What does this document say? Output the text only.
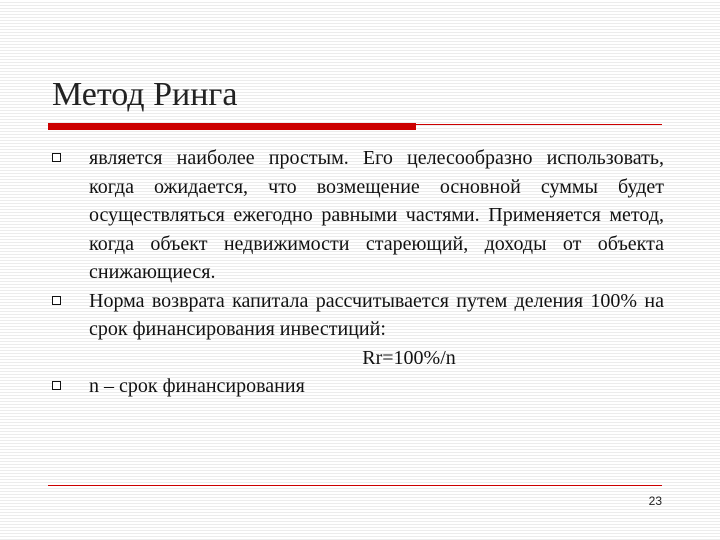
Метод Ринга
является наиболее простым. Его целесообразно использовать, когда ожидается, что возмещение основной суммы будет осуществляться ежегодно равными частями. Применяется метод, когда объект недвижимости стареющий, доходы от объекта снижающиеся.
Норма возврата капитала рассчитывается путем деления 100% на срок финансирования инвестиций:
Rr=100%/n
n – срок финансирования
23
